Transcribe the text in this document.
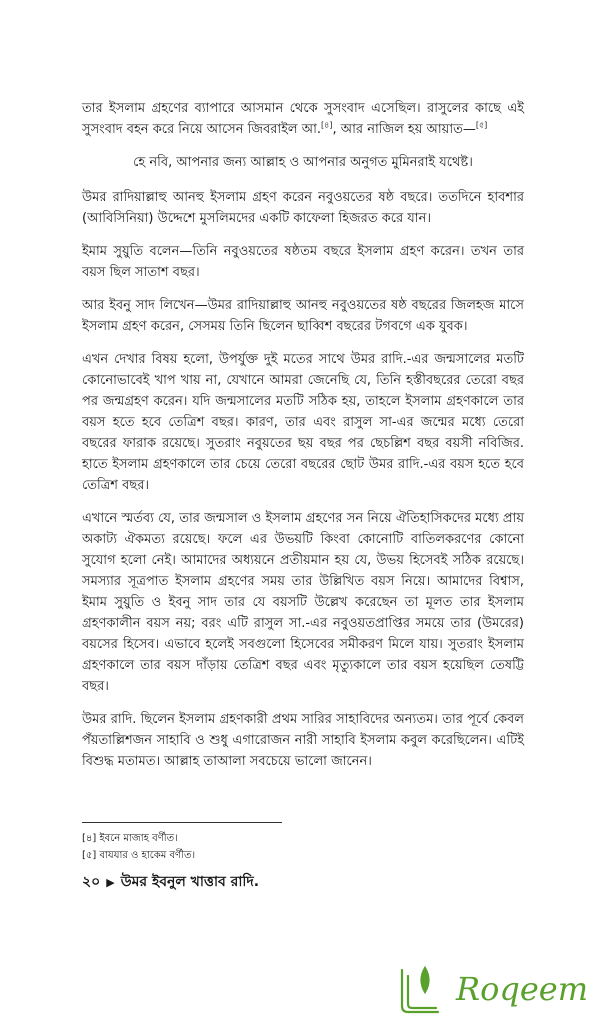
তার ইসলাম গ্রহণের ব্যাপারে আসমান থেকে সুসংবাদ এসেছিল। রাসুলের কাছে এই সুসংবাদ বহন করে নিয়ে আসেন জিবরাইল আ.[৪], আর নাজিল হয় আয়াত—[৫]

হে নবি, আপনার জন্য আল্লাহ ও আপনার অনুগত মুমিনরাই যথেষ্ট।

উমর রাদিয়াল্লাহু আনহু ইসলাম গ্রহণ করেন নবুওয়তের ষষ্ঠ বছরে। ততদিনে হাবশার (আবিসিনিয়া) উদ্দেশে মুসলিমদের একটি কাফেলা হিজরত করে যান।

ইমাম সুয়ুতি বলেন—তিনি নবুওয়তের ষষ্ঠতম বছরে ইসলাম গ্রহণ করেন। তখন তার বয়স ছিল সাতাশ বছর।

আর ইবনু সাদ লিখেন—উমর রাদিয়াল্লাহু আনহু নবুওয়তের ষষ্ঠ বছরের জিলহজ মাসে ইসলাম গ্রহণ করেন, সেসময় তিনি ছিলেন ছাব্বিশ বছরের টগবগে এক যুবক।

এখন দেখার বিষয় হলো, উপর্যুক্ত দুই মতের সাথে উমর রাদি.-এর জন্মসালের মতটি কোনোভাবেই খাপ খায় না, যেখানে আমরা জেনেছি যে, তিনি হস্তীবছরের তেরো বছর পর জন্মগ্রহণ করেন। যদি জন্মসালের মতটি সঠিক হয়, তাহলে ইসলাম গ্রহণকালে তার বয়স হতে হবে তেত্রিশ বছর। কারণ, তার এবং রাসুল সা-এর জন্মের মধ্যে তেরো বছরের ফারাক রয়েছে। সুতরাং নবুয়তের ছয় বছর পর ছেচল্লিশ বছর বয়সী নবিজির. হাতে ইসলাম গ্রহণকালে তার চেয়ে তেরো বছরের ছোট উমর রাদি.-এর বয়স হতে হবে তেত্রিশ বছর।

এখানে স্মর্তব্য যে, তার জন্মসাল ও ইসলাম গ্রহণের সন নিয়ে ঐতিহাসিকদের মধ্যে প্রায় অকাট্য ঐকমত্য রয়েছে। ফলে এর উভয়টি কিংবা কোনোটি বাতিলকরণের কোনো সুযোগ হলো নেই। আমাদের অধ্যয়নে প্রতীয়মান হয় যে, উভয় হিসেবই সঠিক রয়েছে। সমস্যার সূত্রপাত ইসলাম গ্রহণের সময় তার উল্লিখিত বয়স নিয়ে। আমাদের বিশ্বাস, ইমাম সুয়ুতি ও ইবনু সাদ তার যে বয়সটি উল্লেখ করেছেন তা মূলত তার ইসলাম গ্রহণকালীন বয়স নয়; বরং এটি রাসুল সা.-এর নবুওয়তপ্রাপ্তির সময়ে তার (উমরের) বয়সের হিসেব। এভাবে হলেই সবগুলো হিসেবের সমীকরণ মিলে যায়। সুতরাং ইসলাম গ্রহণকালে তার বয়স দাঁড়ায় তেত্রিশ বছর এবং মৃত্যুকালে তার বয়স হয়েছিল তেষট্টি বছর।

উমর রাদি. ছিলেন ইসলাম গ্রহণকারী প্রথম সারির সাহাবিদের অন্যতম। তার পূর্বে কেবল পঁয়তাল্লিশজন সাহাবি ও শুধু এগারোজন নারী সাহাবি ইসলাম কবুল করেছিলেন। এটিই বিশুদ্ধ মতামত। আল্লাহ তাআলা সবচেয়ে ভালো জানেন।

[৪] ইবনে মাজাহ বর্ণীত।
[৫] বাযযার ও হাকেম বর্ণীত।
২০ ▶ উমর ইবনুল খাত্তাব রাদি.
Roqeem
